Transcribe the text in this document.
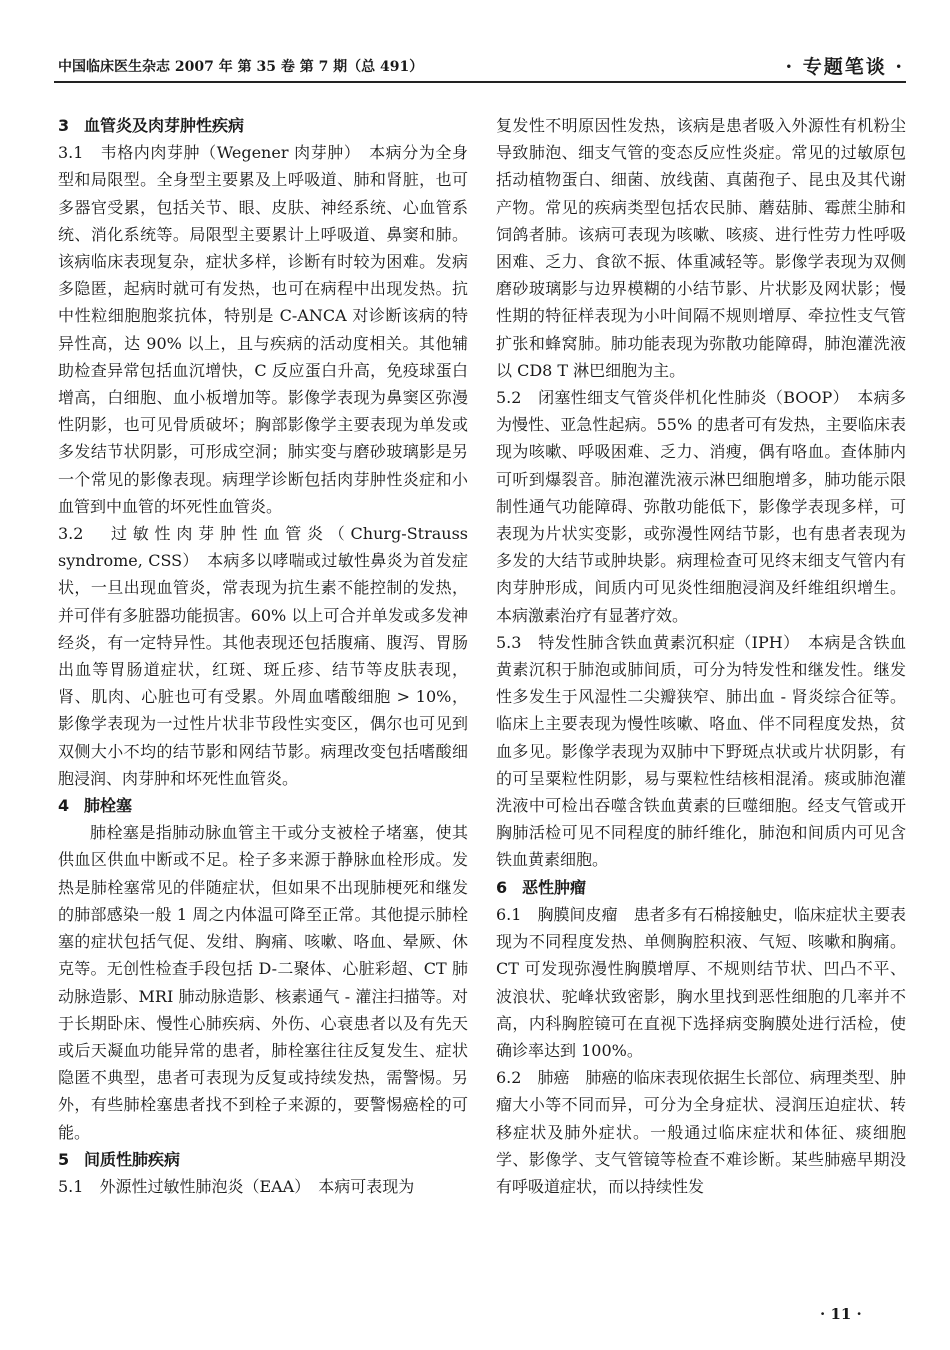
中国临床医生杂志 2007 年 第 35 卷 第 7 期（总 491）	· 专题笔谈 ·
3 血管炎及肉芽肿性疾病

3.1　韦格内肉芽肿（Wegener 肉芽肿）　本病分为全身型和局限型。全身型主要累及上呼吸道、肺和肾脏，也可多器官受累，包括关节、眼、皮肤、神经系统、心血管系统、消化系统等。局限型主要累计上呼吸道、鼻窦和肺。该病临床表现复杂，症状多样，诊断有时较为困难。发病多隐匿，起病时就可有发热，也可在病程中出现发热。抗中性粒细胞胞浆抗体，特别是 C-ANCA 对诊断该病的特异性高，达 90% 以上，且与疾病的活动度相关。其他辅助检查异常包括血沉增快，C 反应蛋白升高，免疫球蛋白增高，白细胞、血小板增加等。影像学表现为鼻窦区弥漫性阴影，也可见骨质破坏；胸部影像学主要表现为单发或多发结节状阴影，可形成空洞；肺实变与磨砂玻璃影是另一个常见的影像表现。病理学诊断包括肉芽肿性炎症和小血管到中血管的坏死性血管炎。

3.2　过敏性肉芽肿性血管炎（Churg-Strauss syndrome, CSS）　本病多以哮喘或过敏性鼻炎为首发症状，一旦出现血管炎，常表现为抗生素不能控制的发热，并可伴有多脏器功能损害。60% 以上可合并单发或多发神经炎，有一定特异性。其他表现还包括腹痛、腹泻、胃肠出血等胃肠道症状，红斑、斑丘疹、结节等皮肤表现，肾、肌肉、心脏也可有受累。外周血嗜酸细胞 > 10%，影像学表现为一过性片状非节段性实变区，偶尔也可见到双侧大小不均的结节影和网结节影。病理改变包括嗜酸细胞浸润、肉芽肿和坏死性血管炎。

4 肺栓塞

肺栓塞是指肺动脉血管主干或分支被栓子堵塞，使其供血区供血中断或不足。栓子多来源于静脉血栓形成。发热是肺栓塞常见的伴随症状，但如果不出现肺梗死和继发的肺部感染一般 1 周之内体温可降至正常。其他提示肺栓塞的症状包括气促、发绀、胸痛、咳嗽、咯血、晕厥、休克等。无创性检查手段包括 D-二聚体、心脏彩超、CT 肺动脉造影、MRI 肺动脉造影、核素通气 - 灌注扫描等。对于长期卧床、慢性心肺疾病、外伤、心衰患者以及有先天或后天凝血功能异常的患者，肺栓塞往往反复发生、症状隐匿不典型，患者可表现为反复或持续发热，需警惕。另外，有些肺栓塞患者找不到栓子来源的，要警惕癌栓的可能。

5 间质性肺疾病

5.1　外源性过敏性肺泡炎（EAA）　本病可表现为

复发性不明原因性发热，该病是患者吸入外源性有机粉尘导致肺泡、细支气管的变态反应性炎症。常见的过敏原包括动植物蛋白、细菌、放线菌、真菌孢子、昆虫及其代谢产物。常见的疾病类型包括农民肺、蘑菇肺、霉蔗尘肺和饲鸽者肺。该病可表现为咳嗽、咳痰、进行性劳力性呼吸困难、乏力、食欲不振、体重减轻等。影像学表现为双侧磨砂玻璃影与边界模糊的小结节影、片状影及网状影；慢性期的特征样表现为小叶间隔不规则增厚、牵拉性支气管扩张和蜂窝肺。肺功能表现为弥散功能障碍，肺泡灌洗液以 CD8 T 淋巴细胞为主。

5.2　闭塞性细支气管炎伴机化性肺炎（BOOP）　本病多为慢性、亚急性起病。55% 的患者可有发热，主要临床表现为咳嗽、呼吸困难、乏力、消瘦，偶有咯血。查体肺内可听到爆裂音。肺泡灌洗液示淋巴细胞增多，肺功能示限制性通气功能障碍、弥散功能低下，影像学表现多样，可表现为片状实变影，或弥漫性网结节影，也有患者表现为多发的大结节或肿块影。病理检查可见终末细支气管内有肉芽肿形成，间质内可见炎性细胞浸润及纤维组织增生。本病激素治疗有显著疗效。

5.3　特发性肺含铁血黄素沉积症（IPH）　本病是含铁血黄素沉积于肺泡或肺间质，可分为特发性和继发性。继发性多发生于风湿性二尖瓣狭窄、肺出血 - 肾炎综合征等。临床上主要表现为慢性咳嗽、咯血、伴不同程度发热，贫血多见。影像学表现为双肺中下野斑点状或片状阴影，有的可呈粟粒性阴影，易与粟粒性结核相混淆。痰或肺泡灌洗液中可检出吞噬含铁血黄素的巨噬细胞。经支气管或开胸肺活检可见不同程度的肺纤维化，肺泡和间质内可见含铁血黄素细胞。

6 恶性肿瘤

6.1　胸膜间皮瘤　患者多有石棉接触史，临床症状主要表现为不同程度发热、单侧胸腔积液、气短、咳嗽和胸痛。CT 可发现弥漫性胸膜增厚、不规则结节状、凹凸不平、波浪状、驼峰状致密影，胸水里找到恶性细胞的几率并不高，内科胸腔镜可在直视下选择病变胸膜处进行活检，使确诊率达到 100%。

6.2　肺癌　肺癌的临床表现依据生长部位、病理类型、肿瘤大小等不同而异，可分为全身症状、浸润压迫症状、转移症状及肺外症状。一般通过临床症状和体征、痰细胞学、影像学、支气管镜等检查不难诊断。某些肺癌早期没有呼吸道症状，而以持续性发

· 11 ·
